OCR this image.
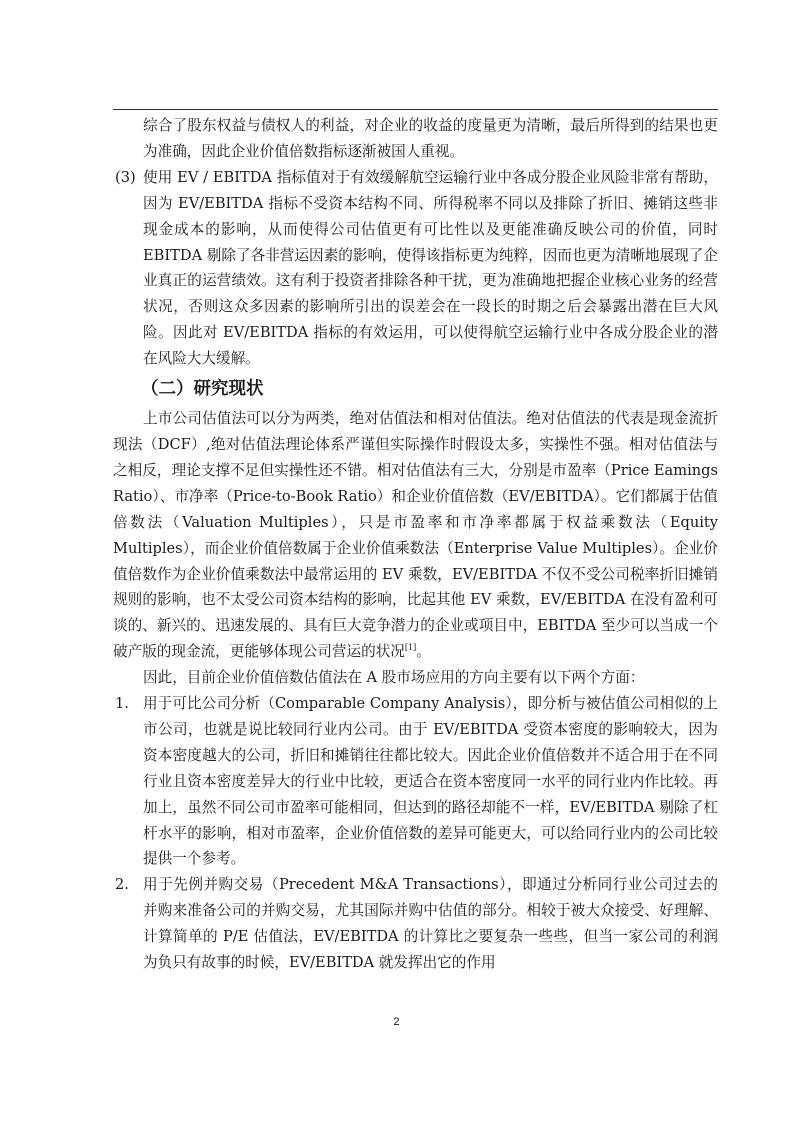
综合了股东权益与债权人的利益，对企业的收益的度量更为清晰，最后所得到的结果也更为准确，因此企业价值倍数指标逐渐被国人重视。

(3) 使用 EV / EBITDA 指标值对于有效缓解航空运输行业中各成分股企业风险非常有帮助，因为 EV/EBITDA 指标不受资本结构不同、所得税率不同以及排除了折旧、摊销这些非现金成本的影响，从而使得公司估值更有可比性以及更能准确反映公司的价值，同时 EBITDA 剔除了各非营运因素的影响，使得该指标更为纯粹，因而也更为清晰地展现了企业真正的运营绩效。这有利于投资者排除各种干扰，更为准确地把握企业核心业务的经营状况，否则这众多因素的影响所引出的误差会在一段长的时期之后会暴露出潜在巨大风险。因此对 EV/EBITDA 指标的有效运用，可以使得航空运输行业中各成分股企业的潜在风险大大缓解。

（二）研究现状

上市公司估值法可以分为两类，绝对估值法和相对估值法。绝对估值法的代表是现金流折现法（DCF）,绝对估值法理论体系严谨但实际操作时假设太多，实操性不强。相对估值法与之相反，理论支撑不足但实操性还不错。相对估值法有三大，分别是市盈率（Price Eamings Ratio）、市净率（Price-to-Book Ratio）和企业价值倍数（EV/EBITDA）。它们都属于估值倍数法（Valuation Multiples），只是市盈率和市净率都属于权益乘数法（Equity Multiples），而企业价值倍数属于企业价值乘数法（Enterprise Value Multiples）。企业价值倍数作为企业价值乘数法中最常运用的 EV 乘数，EV/EBITDA 不仅不受公司税率折旧摊销规则的影响，也不太受公司资本结构的影响，比起其他 EV 乘数，EV/EBITDA 在没有盈利可谈的、新兴的、迅速发展的、具有巨大竞争潜力的企业或项目中，EBITDA 至少可以当成一个破产版的现金流，更能够体现公司营运的状况[1]。

因此，目前企业价值倍数估值法在 A 股市场应用的方向主要有以下两个方面：

1. 用于可比公司分析（Comparable Company Analysis），即分析与被估值公司相似的上市公司，也就是说比较同行业内公司。由于 EV/EBITDA 受资本密度的影响较大，因为资本密度越大的公司，折旧和摊销往往都比较大。因此企业价值倍数并不适合用于在不同行业且资本密度差异大的行业中比较，更适合在资本密度同一水平的同行业内作比较。再加上，虽然不同公司市盈率可能相同，但达到的路径却能不一样，EV/EBITDA 剔除了杠杆水平的影响，相对市盈率，企业价值倍数的差异可能更大，可以给同行业内的公司比较提供一个参考。

2. 用于先例并购交易（Precedent M&A Transactions），即通过分析同行业公司过去的并购来准备公司的并购交易，尤其国际并购中估值的部分。相较于被大众接受、好理解、计算简单的 P/E 估值法，EV/EBITDA 的计算比之要复杂一些些，但当一家公司的利润为负只有故事的时候，EV/EBITDA 就发挥出它的作用

2
